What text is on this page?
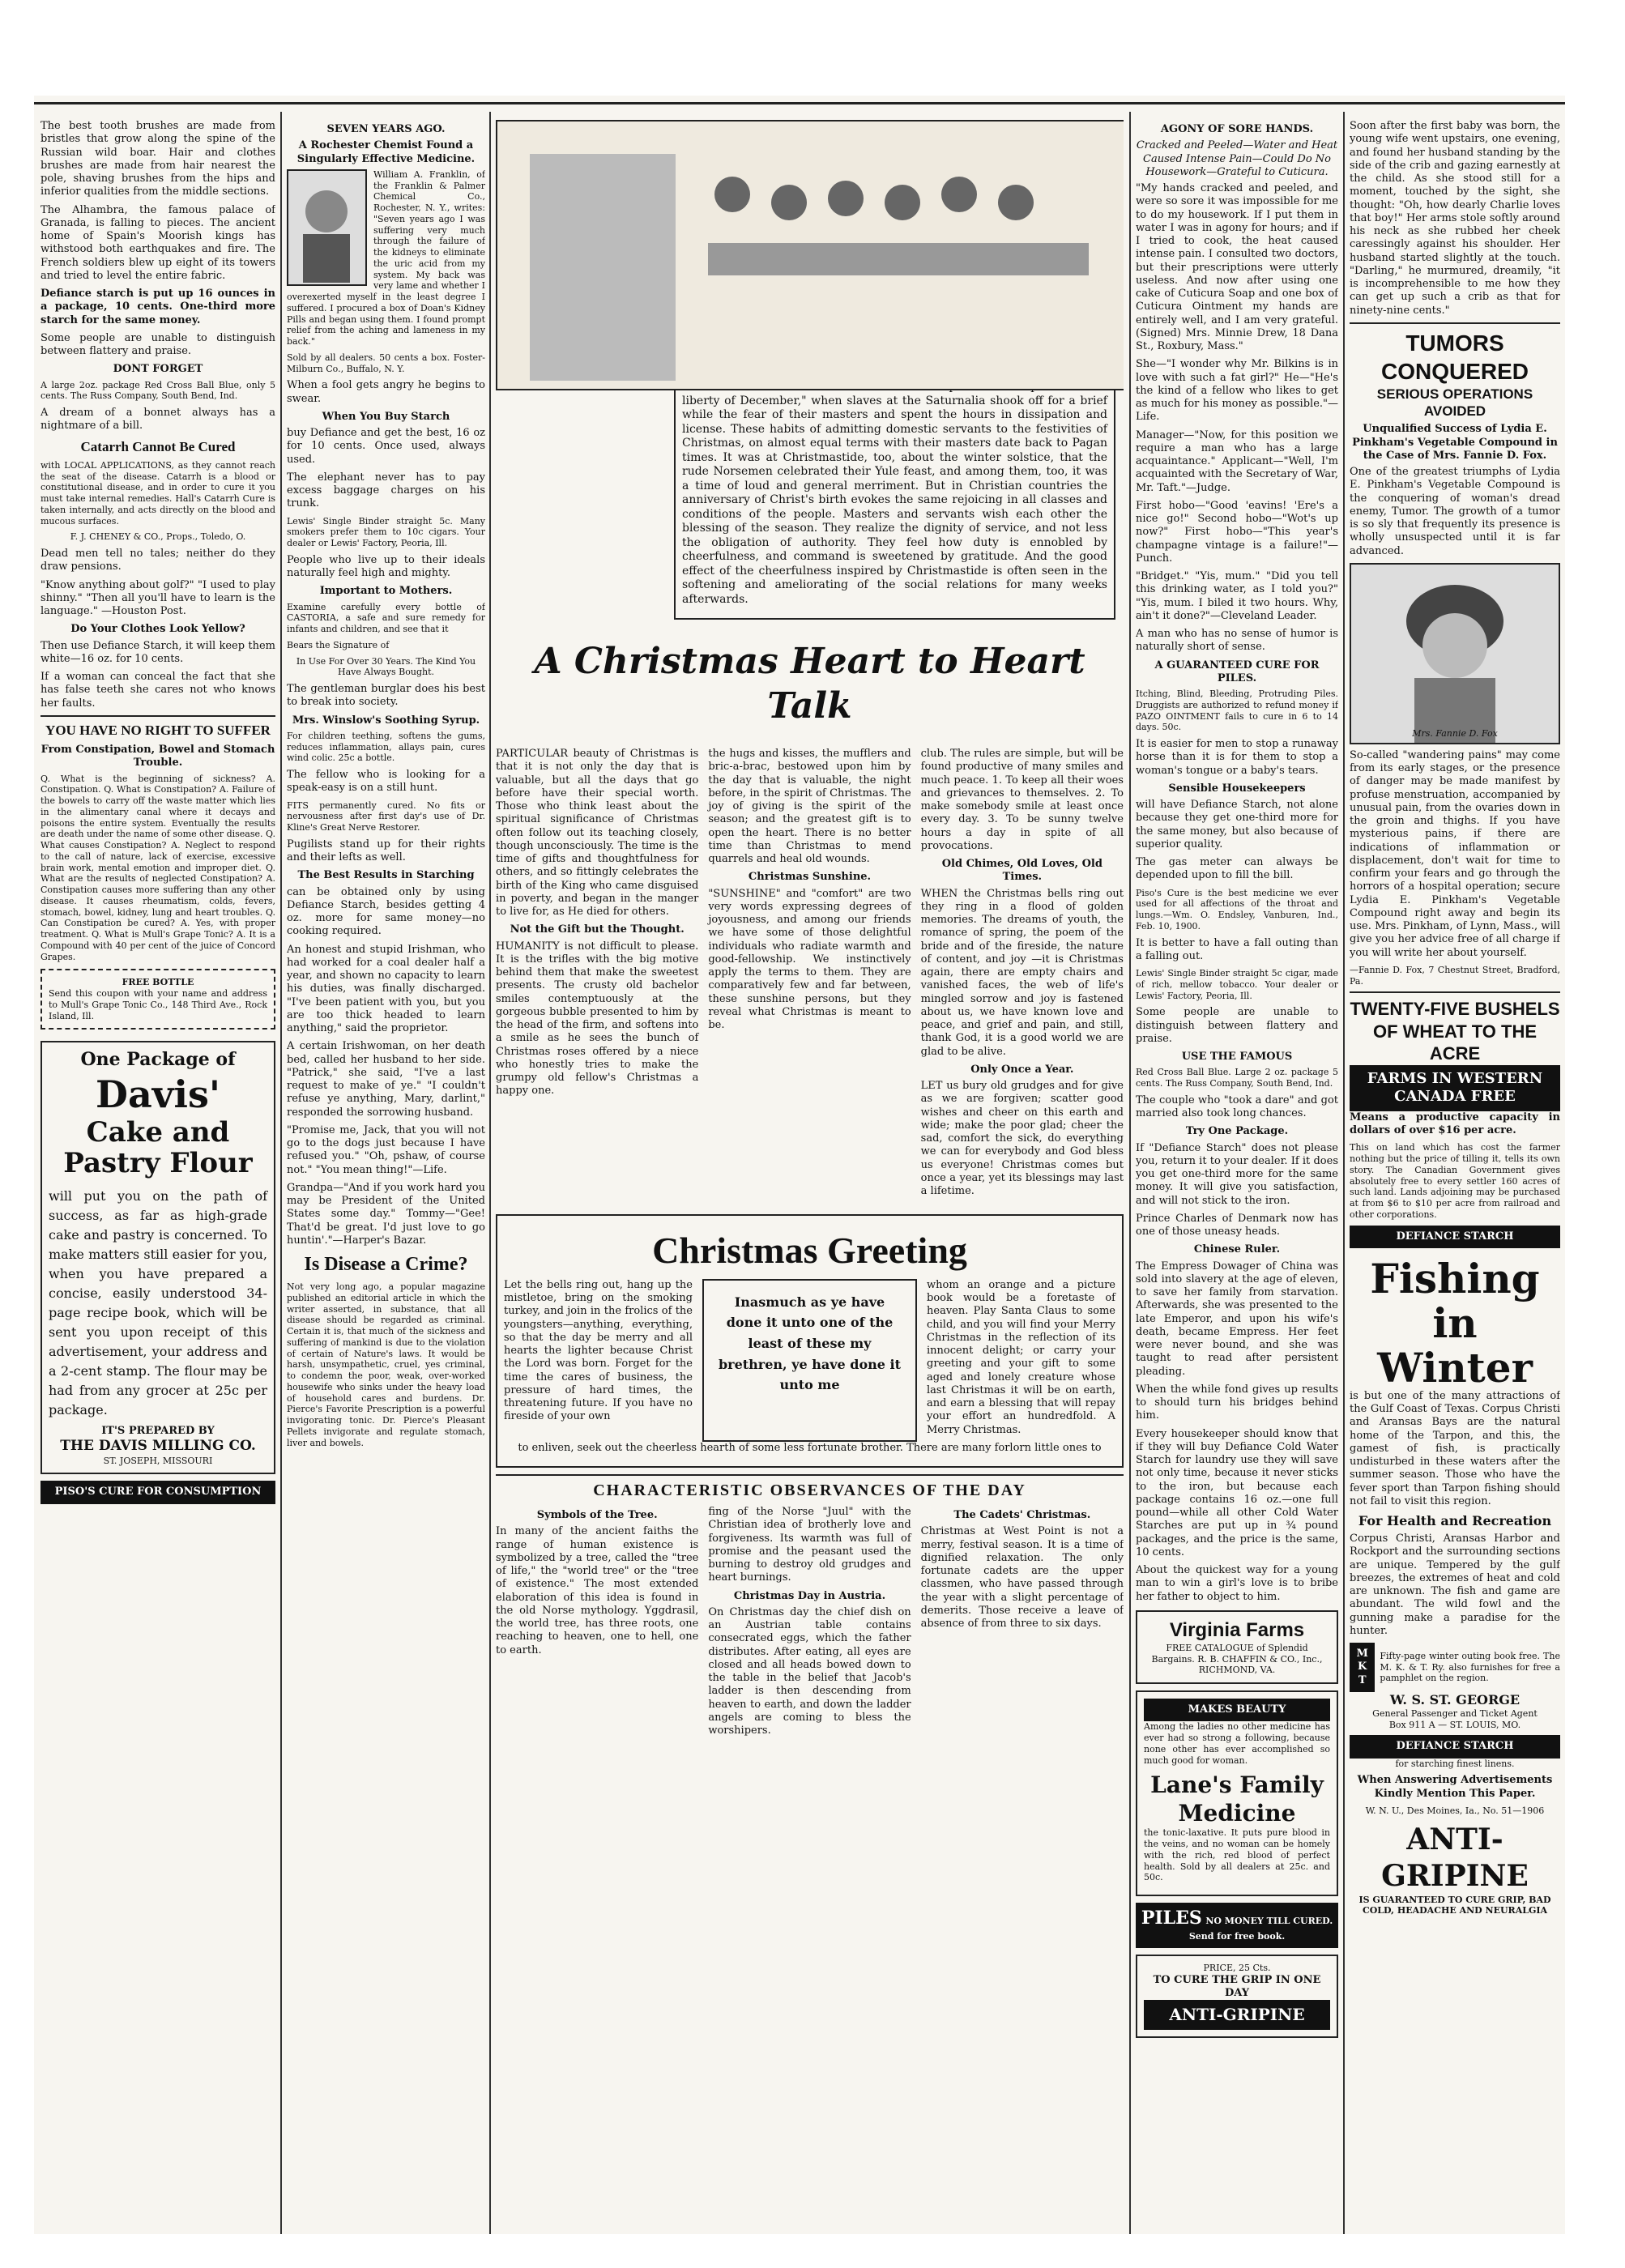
The best tooth brushes are made from bristles that grow along the spine of the Russian wild boar. Hair and clothes brushes are made from hair nearest the pole, shaving brushes from the hips and inferior qualities from the middle sections.

The Alhambra, the famous palace of Granada, is falling to pieces. The ancient home of Spain's Moorish kings has withstood both earthquakes and fire. The French soldiers blew up eight of its towers and tried to level the entire fabric.

Defiance starch is put up 16 ounces in a package, 10 cents. One-third more starch for the same money.

Some people are unable to distinguish between flattery and praise.

DONT FORGET

A large 2oz. package Red Cross Ball Blue, only 5 cents. The Russ Company, South Bend, Ind.

A dream of a bonnet always has a nightmare of a bill.

Catarrh Cannot Be Cured

with LOCAL APPLICATIONS, as they cannot reach the seat of the disease. Catarrh is a blood or constitutional disease, and in order to cure it you must take internal remedies. Hall's Catarrh Cure is taken internally, and acts directly on the blood and mucous surfaces.

F. J. CHENEY & CO., Props., Toledo, O.

Dead men tell no tales; neither do they draw pensions.

"Know anything about golf?" "I used to play shinny." "Then all you'll have to learn is the language." —Houston Post.

Do Your Clothes Look Yellow?

Then use Defiance Starch, it will keep them white—16 oz. for 10 cents.

If a woman can conceal the fact that she has false teeth she cares not who knows her faults.

YOU HAVE NO RIGHT TO SUFFER
From Constipation, Bowel and Stomach Trouble.

Q. What is the beginning of sickness? A. Constipation. Q. What is Constipation? A. Failure of the bowels to carry off the waste matter which lies in the alimentary canal where it decays and poisons the entire system. Eventually the results are death under the name of some other disease. Q. What causes Constipation? A. Neglect to respond to the call of nature, lack of exercise, excessive brain work, mental emotion and improper diet. Q. What are the results of neglected Constipation? A. Constipation causes more suffering than any other disease. It causes rheumatism, colds, fevers, stomach, bowel, kidney, lung and heart troubles. Q. Can Constipation be cured? A. Yes, with proper treatment. Q. What is Mull's Grape Tonic? A. It is a Compound with 40 per cent of the juice of Concord Grapes.

FREE BOTTLE
Send this coupon with your name and address to Mull's Grape Tonic Co., 148 Third Ave., Rock Island, Ill.
One Package of
Davis'
Cake and Pastry Flour

will put you on the path of success, as far as high-grade cake and pastry is concerned. To make matters still easier for you, when you have prepared a concise, easily understood 34-page recipe book, which will be sent you upon receipt of this advertisement, your address and a 2-cent stamp. The flour may be had from any grocer at 25c per package.

IT'S PREPARED BY
THE DAVIS MILLING CO.
ST. JOSEPH, MISSOURI
PISO'S CURE FOR CONSUMPTION
SEVEN YEARS AGO.
A Rochester Chemist Found a Singularly Effective Medicine.

William A. Franklin, of the Franklin & Palmer Chemical Co., Rochester, N. Y., writes: "Seven years ago I was suffering very much through the failure of the kidneys to eliminate the uric acid from my system. My back was very lame and whether I overexerted myself in the least degree I suffered. I procured a box of Doan's Kidney Pills and began using them. I found prompt relief from the aching and lameness in my back."

Sold by all dealers. 50 cents a box. Foster-Milburn Co., Buffalo, N. Y.

When a fool gets angry he begins to swear.

When You Buy Starch

buy Defiance and get the best, 16 oz for 10 cents. Once used, always used.

The elephant never has to pay excess baggage charges on his trunk.

Lewis' Single Binder straight 5c. Many smokers prefer them to 10c cigars. Your dealer or Lewis' Factory, Peoria, Ill.

People who live up to their ideals naturally feel high and mighty.

Important to Mothers.

Examine carefully every bottle of CASTORIA, a safe and sure remedy for infants and children, and see that it

Bears the Signature of

In Use For Over 30 Years. The Kind You Have Always Bought.

The gentleman burglar does his best to break into society.

Mrs. Winslow's Soothing Syrup.

For children teething, softens the gums, reduces inflammation, allays pain, cures wind colic. 25c a bottle.

The fellow who is looking for a speak-easy is on a still hunt.

FITS permanently cured. No fits or nervousness after first day's use of Dr. Kline's Great Nerve Restorer.

Pugilists stand up for their rights and their lefts as well.

The Best Results in Starching

can be obtained only by using Defiance Starch, besides getting 4 oz. more for same money—no cooking required.

An honest and stupid Irishman, who had worked for a coal dealer half a year, and shown no capacity to learn his duties, was finally discharged. "I've been patient with you, but you are too thick headed to learn anything," said the proprietor.

A certain Irishwoman, on her death bed, called her husband to her side. "Patrick," she said, "I've a last request to make of ye." "I couldn't refuse ye anything, Mary, darlint," responded the sorrowing husband.

"Promise me, Jack, that you will not go to the dogs just because I have refused you." "Oh, pshaw, of course not." "You mean thing!"—Life.

Grandpa—"And if you work hard you may be President of the United States some day." Tommy—"Gee! That'd be great. I'd just love to go huntin'."—Harper's Bazar.

Is Disease a Crime?

Not very long ago, a popular magazine published an editorial article in which the writer asserted, in substance, that all disease should be regarded as criminal. Certain it is, that much of the sickness and suffering of mankind is due to the violation of certain of Nature's laws. It would be harsh, unsympathetic, cruel, yes criminal, to condemn the poor, weak, over-worked housewife who sinks under the heavy load of household cares and burdens. Dr. Pierce's Favorite Prescription is a powerful invigorating tonic. Dr. Pierce's Pleasant Pellets invigorate and regulate stomach, liver and bowels.

liberty of December," when slaves at the Saturnalia shook off for a brief while the fear of their masters and spent the hours in dissipation and license. These habits of admitting domestic servants to the festivities of Christmas, on almost equal terms with their masters date back to Pagan times. It was at Christmastide, too, about the winter solstice, that the rude Norsemen celebrated their Yule feast, and among them, too, it was a time of loud and general merriment. But in Christian countries the anniversary of Christ's birth evokes the same rejoicing in all classes and conditions of the people. Masters and servants wish each other the blessing of the season. They realize the dignity of service, and not less the obligation of authority. They feel how duty is ennobled by cheerfulness, and command is sweetened by gratitude. And the good effect of the cheerfulness inspired by Christmastide is often seen in the softening and ameliorating of the social relations for many weeks afterwards.

A Christmas Heart to Heart Talk

PARTICULAR beauty of Christmas is that it is not only the day that is valuable, but all the days that go before have their special worth. Those who think least about the spiritual significance of Christmas often follow out its teaching closely, though unconsciously. The time is the time of gifts and thoughtfulness for others, and so fittingly celebrates the birth of the King who came disguised in poverty, and began in the manger to live for, as He died for others.

Not the Gift but the Thought.

HUMANITY is not difficult to please. It is the trifles with the big motive behind them that make the sweetest presents. The crusty old bachelor smiles contemptuously at the gorgeous bubble presented to him by the head of the firm, and softens into a smile as he sees the bunch of Christmas roses offered by a niece who honestly tries to make the grumpy old fellow's Christmas a happy one.

the hugs and kisses, the mufflers and bric-a-brac, bestowed upon him by the day that is valuable, the night before, in the spirit of Christmas. The joy of giving is the spirit of the season; and the greatest gift is to open the heart. There is no better time than Christmas to mend quarrels and heal old wounds.

Christmas Sunshine.

"SUNSHINE" and "comfort" are two very words expressing degrees of joyousness, and among our friends we have some of those delightful individuals who radiate warmth and good-fellowship. We instinctively apply the terms to them. They are comparatively few and far between, these sunshine persons, but they reveal what Christmas is meant to be.

club. The rules are simple, but will be found productive of many smiles and much peace. 1. To keep all their woes and grievances to themselves. 2. To make somebody smile at least once every day. 3. To be sunny twelve hours a day in spite of all provocations.

Old Chimes, Old Loves, Old Times.

WHEN the Christmas bells ring out they ring in a flood of golden memories. The dreams of youth, the romance of spring, the poem of the bride and of the fireside, the nature of content, and joy —it is Christmas again, there are empty chairs and vanished faces, the web of life's mingled sorrow and joy is fastened about us, we have known love and peace, and grief and pain, and still, thank God, it is a good world we are glad to be alive.

Only Once a Year.

LET us bury old grudges and for give as we are forgiven; scatter good wishes and cheer on this earth and wide; make the poor glad; cheer the sad, comfort the sick, do everything we can for everybody and God bless us everyone! Christmas comes but once a year, yet its blessings may last a lifetime.

Christmas Greeting

Let the bells ring out, hang up the mistletoe, bring on the smoking turkey, and join in the frolics of the youngsters—anything, everything, so that the day be merry and all hearts the lighter because Christ the Lord was born. Forget for the time the cares of business, the pressure of hard times, the threatening future. If you have no fireside of your own

Inasmuch as ye have done it unto one of the least of these my brethren, ye have done it unto me

whom an orange and a picture book would be a foretaste of heaven. Play Santa Claus to some child, and you will find your Merry Christmas in the reflection of its innocent delight; or carry your greeting and your gift to some aged and lonely creature whose last Christmas it will be on earth, and earn a blessing that will repay your effort an hundredfold. A Merry Christmas.

to enliven, seek out the cheerless hearth of some less fortunate brother. There are many forlorn little ones to

CHARACTERISTIC OBSERVANCES OF THE DAY
Symbols of the Tree.

In many of the ancient faiths the range of human existence is symbolized by a tree, called the "tree of life," the "world tree" or the "tree of existence." The most extended elaboration of this idea is found in the old Norse mythology. Yggdrasil, the world tree, has three roots, one reaching to heaven, one to hell, one to earth.

fing of the Norse "Juul" with the Christian idea of brotherly love and forgiveness. Its warmth was full of promise and the peasant used the burning to destroy old grudges and heart burnings.

Christmas Day in Austria.

On Christmas day the chief dish on an Austrian table contains consecrated eggs, which the father distributes. After eating, all eyes are closed and all heads bowed down to the table in the belief that Jacob's ladder is then descending from heaven to earth, and down the ladder angels are coming to bless the worshipers.

The Cadets' Christmas.

Christmas at West Point is not a merry, festival season. It is a time of dignified relaxation. The only fortunate cadets are the upper classmen, who have passed through the year with a slight percentage of demerits. Those receive a leave of absence of from three to six days.

AGONY OF SORE HANDS.
Cracked and Peeled—Water and Heat Caused Intense Pain—Could Do No Housework—Grateful to Cuticura.

"My hands cracked and peeled, and were so sore it was impossible for me to do my housework. If I put them in water I was in agony for hours; and if I tried to cook, the heat caused intense pain. I consulted two doctors, but their prescriptions were utterly useless. And now after using one cake of Cuticura Soap and one box of Cuticura Ointment my hands are entirely well, and I am very grateful. (Signed) Mrs. Minnie Drew, 18 Dana St., Roxbury, Mass."

She—"I wonder why Mr. Bilkins is in love with such a fat girl?" He—"He's the kind of a fellow who likes to get as much for his money as possible."—Life.

Manager—"Now, for this position we require a man who has a large acquaintance." Applicant—"Well, I'm acquainted with the Secretary of War, Mr. Taft."—Judge.

First hobo—"Good 'eavins! 'Ere's a nice go!" Second hobo—"Wot's up now?" First hobo—"This year's champagne vintage is a failure!"—Punch.

"Bridget." "Yis, mum." "Did you tell this drinking water, as I told you?" "Yis, mum. I biled it two hours. Why, ain't it done?"—Cleveland Leader.

A man who has no sense of humor is naturally short of sense.

A GUARANTEED CURE FOR PILES.

Itching, Blind, Bleeding, Protruding Piles. Druggists are authorized to refund money if PAZO OINTMENT fails to cure in 6 to 14 days. 50c.

It is easier for men to stop a runaway horse than it is for them to stop a woman's tongue or a baby's tears.

Sensible Housekeepers

will have Defiance Starch, not alone because they get one-third more for the same money, but also because of superior quality.

The gas meter can always be depended upon to fill the bill.

Piso's Cure is the best medicine we ever used for all affections of the throat and lungs.—Wm. O. Endsley, Vanburen, Ind., Feb. 10, 1900.

It is better to have a fall outing than a falling out.

Lewis' Single Binder straight 5c cigar, made of rich, mellow tobacco. Your dealer or Lewis' Factory, Peoria, Ill.

Some people are unable to distinguish between flattery and praise.

USE THE FAMOUS

Red Cross Ball Blue. Large 2 oz. package 5 cents. The Russ Company, South Bend, Ind.

The couple who "took a dare" and got married also took long chances.

Try One Package.

If "Defiance Starch" does not please you, return it to your dealer. If it does you get one-third more for the same money. It will give you satisfaction, and will not stick to the iron.

Prince Charles of Denmark now has one of those uneasy heads.

Chinese Ruler.

The Empress Dowager of China was sold into slavery at the age of eleven, to save her family from starvation. Afterwards, she was presented to the late Emperor, and upon his wife's death, became Empress. Her feet were never bound, and she was taught to read after persistent pleading.

When the while fond gives up results to should turn his bridges behind him.

Every housekeeper should know that if they will buy Defiance Cold Water Starch for laundry use they will save not only time, because it never sticks to the iron, but because each package contains 16 oz.—one full pound—while all other Cold Water Starches are put up in ¾ pound packages, and the price is the same, 10 cents.

About the quickest way for a young man to win a girl's love is to bribe her father to object to him.

Virginia Farms
FREE CATALOGUE of Splendid Bargains. R. B. CHAFFIN & CO., Inc., RICHMOND, VA.
MAKES BEAUTY

Among the ladies no other medicine has ever had so strong a following, because none other has ever accomplished so much good for woman.

Lane's Family Medicine

the tonic-laxative. It puts pure blood in the veins, and no woman can be homely with the rich, red blood of perfect health. Sold by all dealers at 25c. and 50c.

PILES NO MONEY TILL CURED. Send for free book.
PRICE, 25 Cts.
TO CURE THE GRIP IN ONE DAY
ANTI-GRIPINE

Soon after the first baby was born, the young wife went upstairs, one evening, and found her husband standing by the side of the crib and gazing earnestly at the child. As she stood still for a moment, touched by the sight, she thought: "Oh, how dearly Charlie loves that boy!" Her arms stole softly around his neck as she rubbed her cheek caressingly against his shoulder. Her husband started slightly at the touch. "Darling," he murmured, dreamily, "it is incomprehensible to me how they can get up such a crib as that for ninety-nine cents."

TUMORS CONQUERED
SERIOUS OPERATIONS AVOIDED
Unqualified Success of Lydia E. Pinkham's Vegetable Compound in the Case of Mrs. Fannie D. Fox.

One of the greatest triumphs of Lydia E. Pinkham's Vegetable Compound is the conquering of woman's dread enemy, Tumor. The growth of a tumor is so sly that frequently its presence is wholly unsuspected until it is far advanced.

Mrs. Fannie D. Fox

So-called "wandering pains" may come from its early stages, or the presence of danger may be made manifest by profuse menstruation, accompanied by unusual pain, from the ovaries down in the groin and thighs. If you have mysterious pains, if there are indications of inflammation or displacement, don't wait for time to confirm your fears and go through the horrors of a hospital operation; secure Lydia E. Pinkham's Vegetable Compound right away and begin its use. Mrs. Pinkham, of Lynn, Mass., will give you her advice free of all charge if you will write her about yourself.

—Fannie D. Fox, 7 Chestnut Street, Bradford, Pa.

TWENTY-FIVE BUSHELS OF WHEAT TO THE ACRE
FARMS IN WESTERN CANADA FREE

Means a productive capacity in dollars of over $16 per acre.

This on land which has cost the farmer nothing but the price of tilling it, tells its own story. The Canadian Government gives absolutely free to every settler 160 acres of such land. Lands adjoining may be purchased at from $6 to $10 per acre from railroad and other corporations.

DEFIANCE STARCH
Fishing in Winter

is but one of the many attractions of the Gulf Coast of Texas. Corpus Christi and Aransas Bays are the natural home of the Tarpon, and this, the gamest of fish, is practically undisturbed in these waters after the summer season. Those who have the fever sport than Tarpon fishing should not fail to visit this region.

For Health and Recreation

Corpus Christi, Aransas Harbor and Rockport and the surrounding sections are unique. Tempered by the gulf breezes, the extremes of heat and cold are unknown. The fish and game are abundant. The wild fowl and the gunning make a paradise for the hunter.

M K T
Fifty-page winter outing book free. The M. K. & T. Ry. also furnishes for free a pamphlet on the region.
W. S. ST. GEORGE
General Passenger and Ticket Agent
Box 911 A — ST. LOUIS, MO.
DEFIANCE STARCH

for starching finest linens.

When Answering Advertisements Kindly Mention This Paper.

W. N. U., Des Moines, Ia., No. 51—1906

ANTI-GRIPINE

IS GUARANTEED TO CURE GRIP, BAD COLD, HEADACHE AND NEURALGIA
